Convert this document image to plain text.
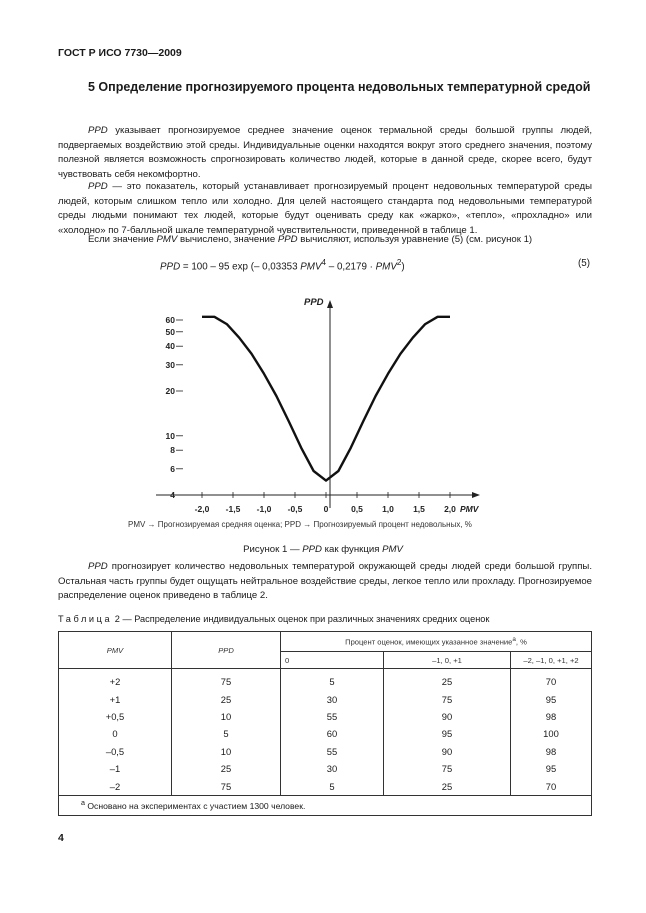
ГОСТ Р ИСО 7730—2009
5 Определение прогнозируемого процента недовольных температурной средой

PPD указывает прогнозируемое среднее значение оценок термальной среды большой группы людей, подвергаемых воздействию этой среды. Индивидуальные оценки находятся вокруг этого среднего значения, поэтому полезной является возможность спрогнозировать количество людей, которые в данной среде, скорее всего, будут чувствовать себя некомфортно.

PPD — это показатель, который устанавливает прогнозируемый процент недовольных температурой среды людей, которым слишком тепло или холодно. Для целей настоящего стандарта под недовольными температурой среды людьми понимают тех людей, которые будут оценивать среду как «жарко», «тепло», «прохладно» или «холодно» по 7-балльной шкале температурной чувствительности, приведенной в таблице 1.

Если значение PMV вычислено, значение PPD вычисляют, используя уравнение (5) (см. рисунок 1)

PPD = 100 – 95 exp (– 0,03353 $PMV^4 - 0,2179 \cdot PMV^2$)	(5)
PPD
PMV
4
6
8
10
20
30
40
50
60
-2,0 -1,5 -1,0 -0,5	0	0,5 1,0 1,5 2,0
PMV → Прогнозируемая средняя оценка; PPD → Прогнозируемый процент недовольных, %
Рисунок 1 — PPD как функция PMV

PPD прогнозирует количество недовольных температурой окружающей среды людей среди большой группы. Остальная часть группы будет ощущать нейтральное воздействие среды, легкое тепло или прохладу. Прогнозируемое распределение оценок приведено в таблице 2.

Таблица 2 — Распределение индивидуальных оценок при различных значениях средних оценок
PMV	PPD	Процент оценок, имеющих указанное значение$^a$, %		
		0	–1, 0, +1	–2, –1, 0, +1, +2
+2	75	5	25	70
+1	25	30	75	95
+0,5	10	55	90	98
0	5	60	95	100
–0,5	10	55	90	98
–1	25	30	75	95
–2	75	5	25	70
$^a$ Основано на экспериментах с участием 1300 человек.				
4
